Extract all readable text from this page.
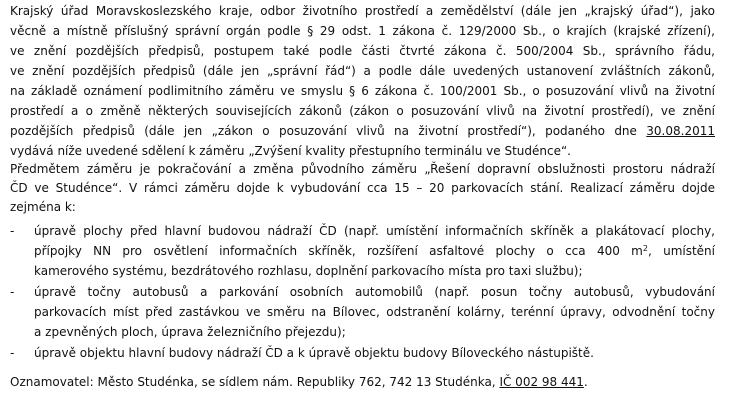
Krajský úřad Moravskoslezského kraje, odbor životního prostředí a zemědělství (dále jen „krajský úřad“), jako
věcně a místně příslušný správní orgán podle § 29 odst. 1 zákona č. 129/2000 Sb., o krajích (krajské zřízení),
ve znění pozdějších předpisů, postupem také podle části čtvrté zákona č. 500/2004 Sb., správního řádu,
ve znění pozdějších předpisů (dále jen „správní řád“) a podle dále uvedených ustanovení zvláštních zákonů,
na základě oznámení podlimitního záměru ve smyslu § 6 zákona č. 100/2001 Sb., o posuzování vlivů na životní
prostředí a o změně některých souvisejících zákonů (zákon o posuzování vlivů na životní prostředí), ve znění
pozdějších předpisů (dále jen „zákon o posuzování vlivů na životní prostředí“), podaného dne 30.08.2011
vydává níže uvedené sdělení k záměru „Zvýšení kvality přestupního terminálu ve Studénce“.
Předmětem záměru je pokračování a změna původního záměru „Řešení dopravní obslužnosti prostoru nádraží
ČD ve Studénce“. V rámci záměru dojde k vybudování cca 15 – 20 parkovacích stání. Realizací záměru dojde
zejména k:
-	úpravě plochy před hlavní budovou nádraží ČD (např. umístění informačních skříněk a plakátovací plochy,
přípojky NN pro osvětlení informačních skříněk, rozšíření asfaltové plochy o cca 400 $m^2$, umístění
kamerového systému, bezdrátového rozhlasu, doplnění parkovacího místa pro taxi službu);
-	úpravě točny autobusů a parkování osobních automobilů (např. posun točny autobusů, vybudování
parkovacích míst před zastávkou ve směru na Bílovec, odstranění kolárny, terénní úpravy, odvodnění točny
a zpevněných ploch, úprava železničního přejezdu);
-	úpravě objektu hlavní budovy nádraží ČD a k úpravě objektu budovy Bíloveckého nástupiště.
Oznamovatel: Město Studénka, se sídlem nám. Republiky 762, 742 13 Studénka, IČ 002 98 441.
